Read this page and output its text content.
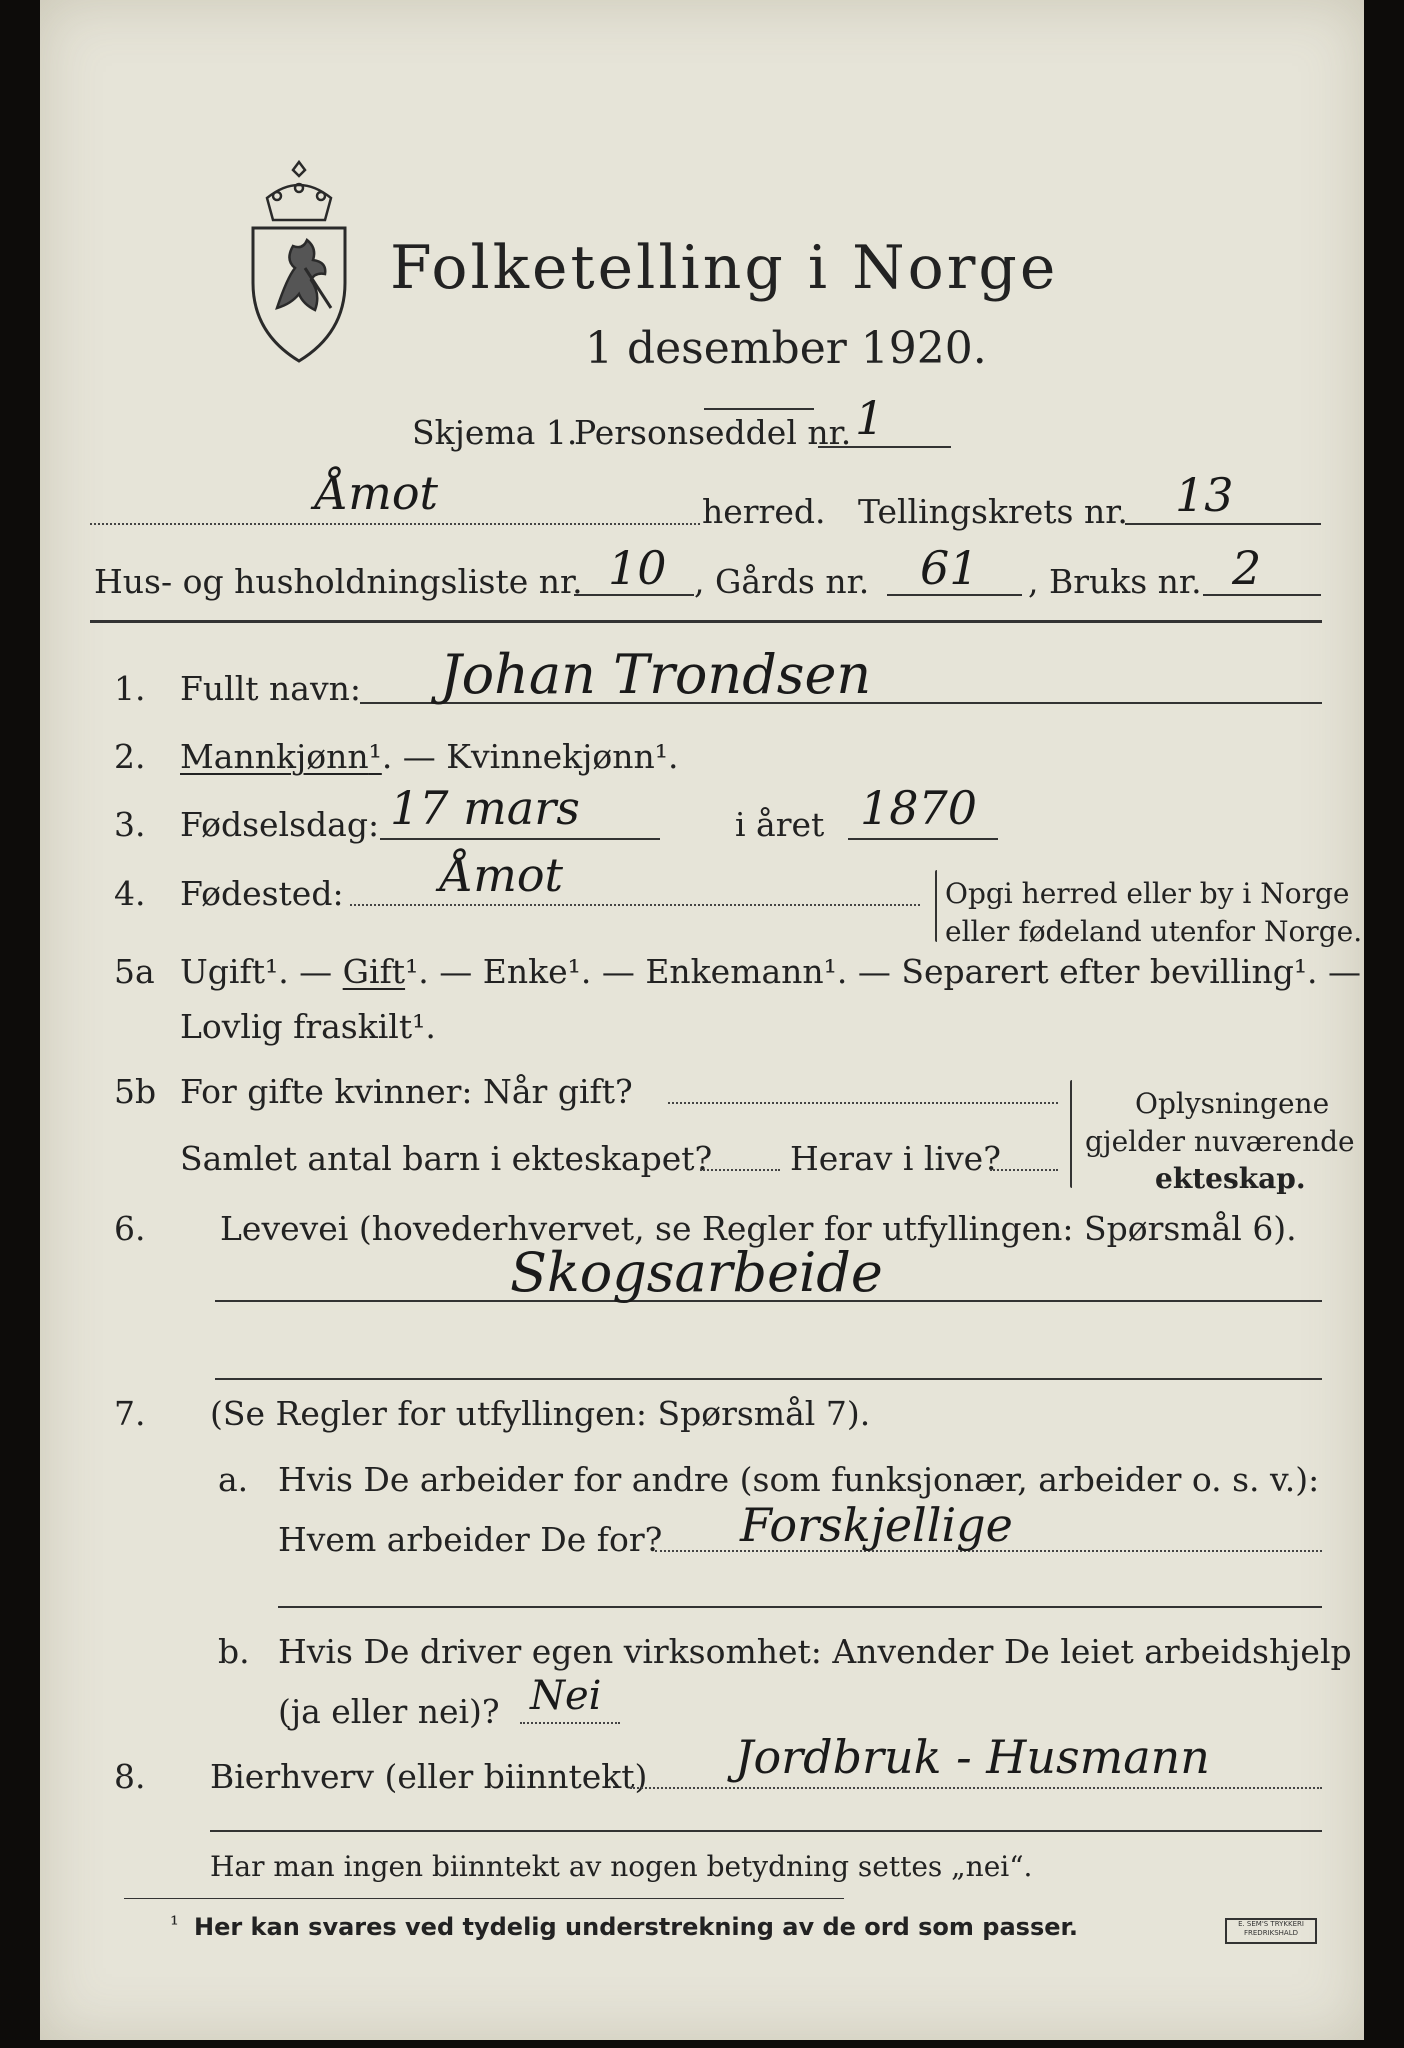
Folketelling i Norge
1 desember 1920.
Skjema 1.
Personseddel nr. 1
Åmot	herred. Tellingskrets nr. 13
Hus- og husholdningsliste nr. 10 , Gårds nr. 61 , Bruks nr. 2
1. Fullt navn: Johan Trondsen
2. Mannkjønn¹. — Kvinnekjønn¹.
3. Fødselsdag: 17 mars	i året 1870
4. Fødested: Åmot	Opgi herred eller by i Norge
eller fødeland utenfor Norge.
5a Ugift¹. — Gift¹. — Enke¹. — Enkemann¹. — Separert efter bevilling¹. —
Lovlig fraskilt¹.
5b For gifte kvinner: Når gift?
Samlet antal barn i ekteskapet? Herav i live?
Oplysningene
gjelder nuværende
ekteskap.
6. Levevei (hovederhvervet, se Regler for utfyllingen: Spørsmål 6).
Skogsarbeide
7. (Se Regler for utfyllingen: Spørsmål 7).
a. Hvis De arbeider for andre (som funksjonær, arbeider o. s. v.):
Hvem arbeider De for? Forskjellige
b. Hvis De driver egen virksomhet: Anvender De leiet arbeidshjelp
(ja eller nei)? Nei
8. Bierhverv (eller biinntekt) Jordbruk - Husmann
Har man ingen biinntekt av nogen betydning settes „nei“.
¹ Her kan svares ved tydelig understrekning av de ord som passer.	E. SEM'S TRYKKERI FREDRIKSHALD
